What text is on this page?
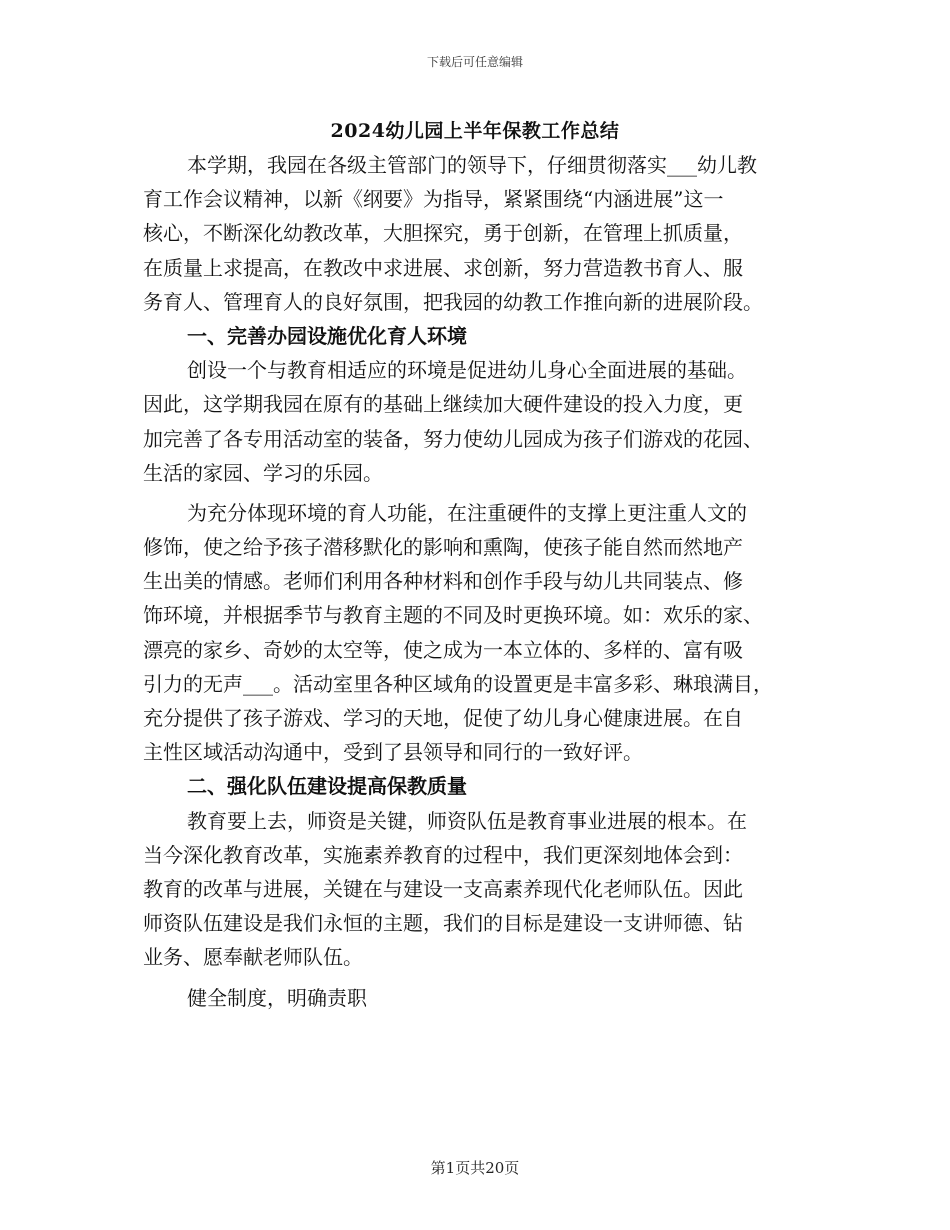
下载后可任意编辑
2024幼儿园上半年保教工作总结
本学期，我园在各级主管部门的领导下，仔细贯彻落实___幼儿教
育工作会议精神，以新《纲要》为指导，紧紧围绕“内涵进展”这一
核心，不断深化幼教改革，大胆探究，勇于创新，在管理上抓质量，
在质量上求提高，在教改中求进展、求创新，努力营造教书育人、服
务育人、管理育人的良好氛围，把我园的幼教工作推向新的进展阶段。
一、完善办园设施优化育人环境
创设一个与教育相适应的环境是促进幼儿身心全面进展的基础。
因此，这学期我园在原有的基础上继续加大硬件建设的投入力度，更
加完善了各专用活动室的装备，努力使幼儿园成为孩子们游戏的花园、
生活的家园、学习的乐园。
为充分体现环境的育人功能，在注重硬件的支撑上更注重人文的
修饰，使之给予孩子潜移默化的影响和熏陶，使孩子能自然而然地产
生出美的情感。老师们利用各种材料和创作手段与幼儿共同装点、修
饰环境，并根据季节与教育主题的不同及时更换环境。如：欢乐的家、
漂亮的家乡、奇妙的太空等，使之成为一本立体的、多样的、富有吸
引力的无声___。活动室里各种区域角的设置更是丰富多彩、琳琅满目，
充分提供了孩子游戏、学习的天地，促使了幼儿身心健康进展。在自
主性区域活动沟通中，受到了县领导和同行的一致好评。
二、强化队伍建设提高保教质量
教育要上去，师资是关键，师资队伍是教育事业进展的根本。在
当今深化教育改革，实施素养教育的过程中，我们更深刻地体会到：
教育的改革与进展，关键在与建设一支高素养现代化老师队伍。因此
师资队伍建设是我们永恒的主题，我们的目标是建设一支讲师德、钻
业务、愿奉献老师队伍。
健全制度，明确责职
第1页共20页
